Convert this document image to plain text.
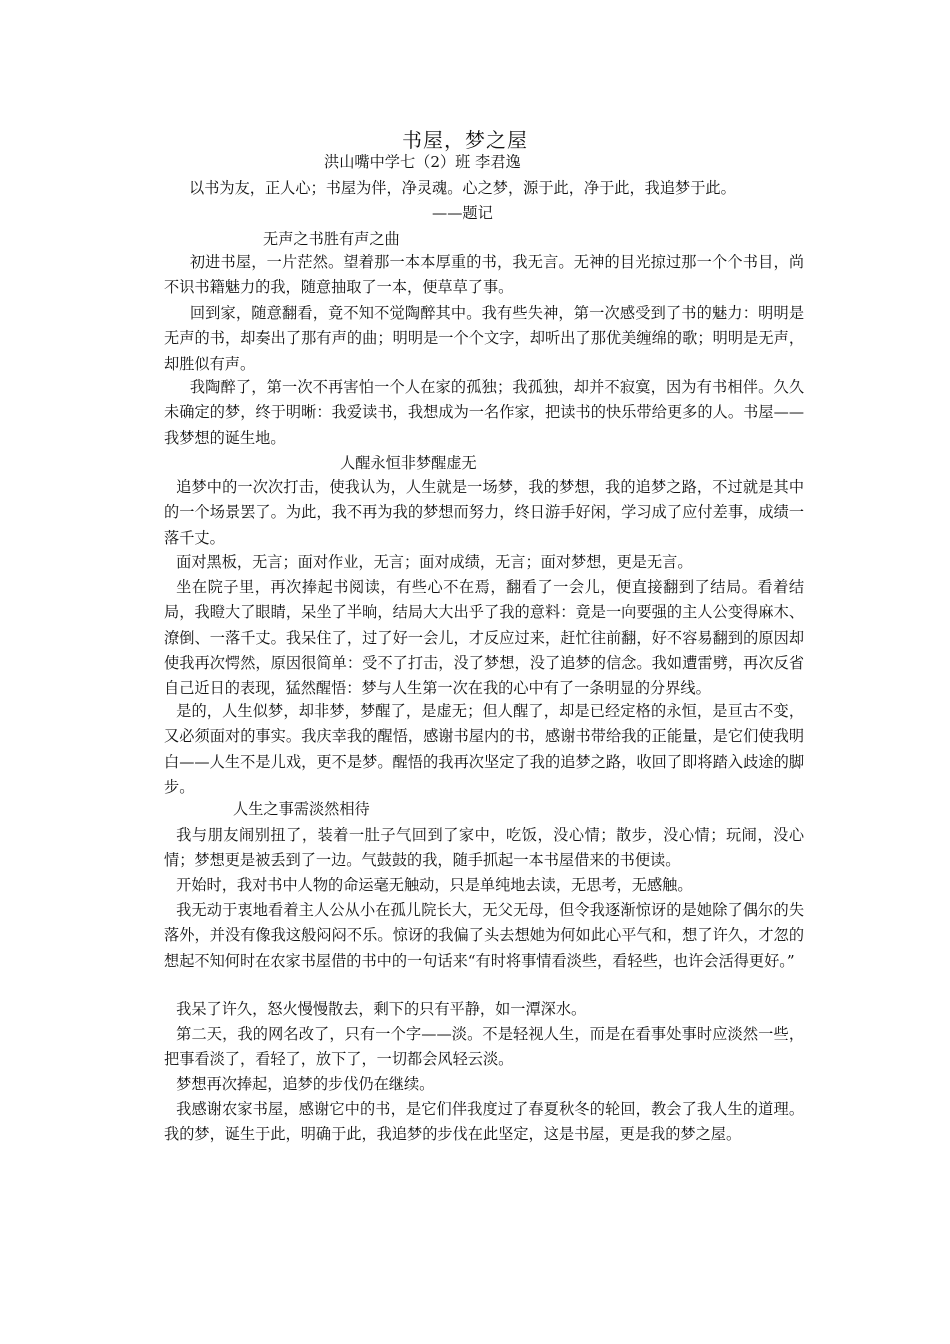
书屋，梦之屋

洪山嘴中学七（2）班 李君逸

以书为友，正人心；书屋为伴，净灵魂。心之梦，源于此，净于此，我追梦于此。

——题记

无声之书胜有声之曲

初进书屋，一片茫然。望着那一本本厚重的书，我无言。无神的目光掠过那一个个书目，尚不识书籍魅力的我，随意抽取了一本，便草草了事。

回到家，随意翻看，竟不知不觉陶醉其中。我有些失神，第一次感受到了书的魅力：明明是无声的书，却奏出了那有声的曲；明明是一个个文字，却听出了那优美缠绵的歌；明明是无声，却胜似有声。

我陶醉了，第一次不再害怕一个人在家的孤独；我孤独，却并不寂寞，因为有书相伴。久久未确定的梦，终于明晰：我爱读书，我想成为一名作家，把读书的快乐带给更多的人。书屋——我梦想的诞生地。

人醒永恒非梦醒虚无

追梦中的一次次打击，使我认为，人生就是一场梦，我的梦想，我的追梦之路，不过就是其中的一个场景罢了。为此，我不再为我的梦想而努力，终日游手好闲，学习成了应付差事，成绩一落千丈。

面对黑板，无言；面对作业，无言；面对成绩，无言；面对梦想，更是无言。

坐在院子里，再次捧起书阅读，有些心不在焉，翻看了一会儿，便直接翻到了结局。看着结局，我瞪大了眼睛，呆坐了半晌，结局大大出乎了我的意料：竟是一向要强的主人公变得麻木、潦倒、一落千丈。我呆住了，过了好一会儿，才反应过来，赶忙往前翻，好不容易翻到的原因却使我再次愕然，原因很简单：受不了打击，没了梦想，没了追梦的信念。我如遭雷劈，再次反省自己近日的表现，猛然醒悟：梦与人生第一次在我的心中有了一条明显的分界线。

是的，人生似梦，却非梦，梦醒了，是虚无；但人醒了，却是已经定格的永恒，是亘古不变，又必须面对的事实。我庆幸我的醒悟，感谢书屋内的书，感谢书带给我的正能量，是它们使我明白——人生不是儿戏，更不是梦。醒悟的我再次坚定了我的追梦之路，收回了即将踏入歧途的脚步。

人生之事需淡然相待

我与朋友闹别扭了，装着一肚子气回到了家中，吃饭，没心情；散步，没心情；玩闹，没心情；梦想更是被丢到了一边。气鼓鼓的我，随手抓起一本书屋借来的书便读。

开始时，我对书中人物的命运毫无触动，只是单纯地去读，无思考，无感触。

我无动于衷地看着主人公从小在孤儿院长大，无父无母，但令我逐渐惊讶的是她除了偶尔的失落外，并没有像我这般闷闷不乐。惊讶的我偏了头去想她为何如此心平气和，想了许久，才忽的想起不知何时在农家书屋借的书中的一句话来“有时将事情看淡些，看轻些，也许会活得更好。”

我呆了许久，怒火慢慢散去，剩下的只有平静，如一潭深水。

第二天，我的网名改了，只有一个字——淡。不是轻视人生，而是在看事处事时应淡然一些，把事看淡了，看轻了，放下了，一切都会风轻云淡。

梦想再次捧起，追梦的步伐仍在继续。

我感谢农家书屋，感谢它中的书，是它们伴我度过了春夏秋冬的轮回，教会了我人生的道理。我的梦，诞生于此，明确于此，我追梦的步伐在此坚定，这是书屋，更是我的梦之屋。
